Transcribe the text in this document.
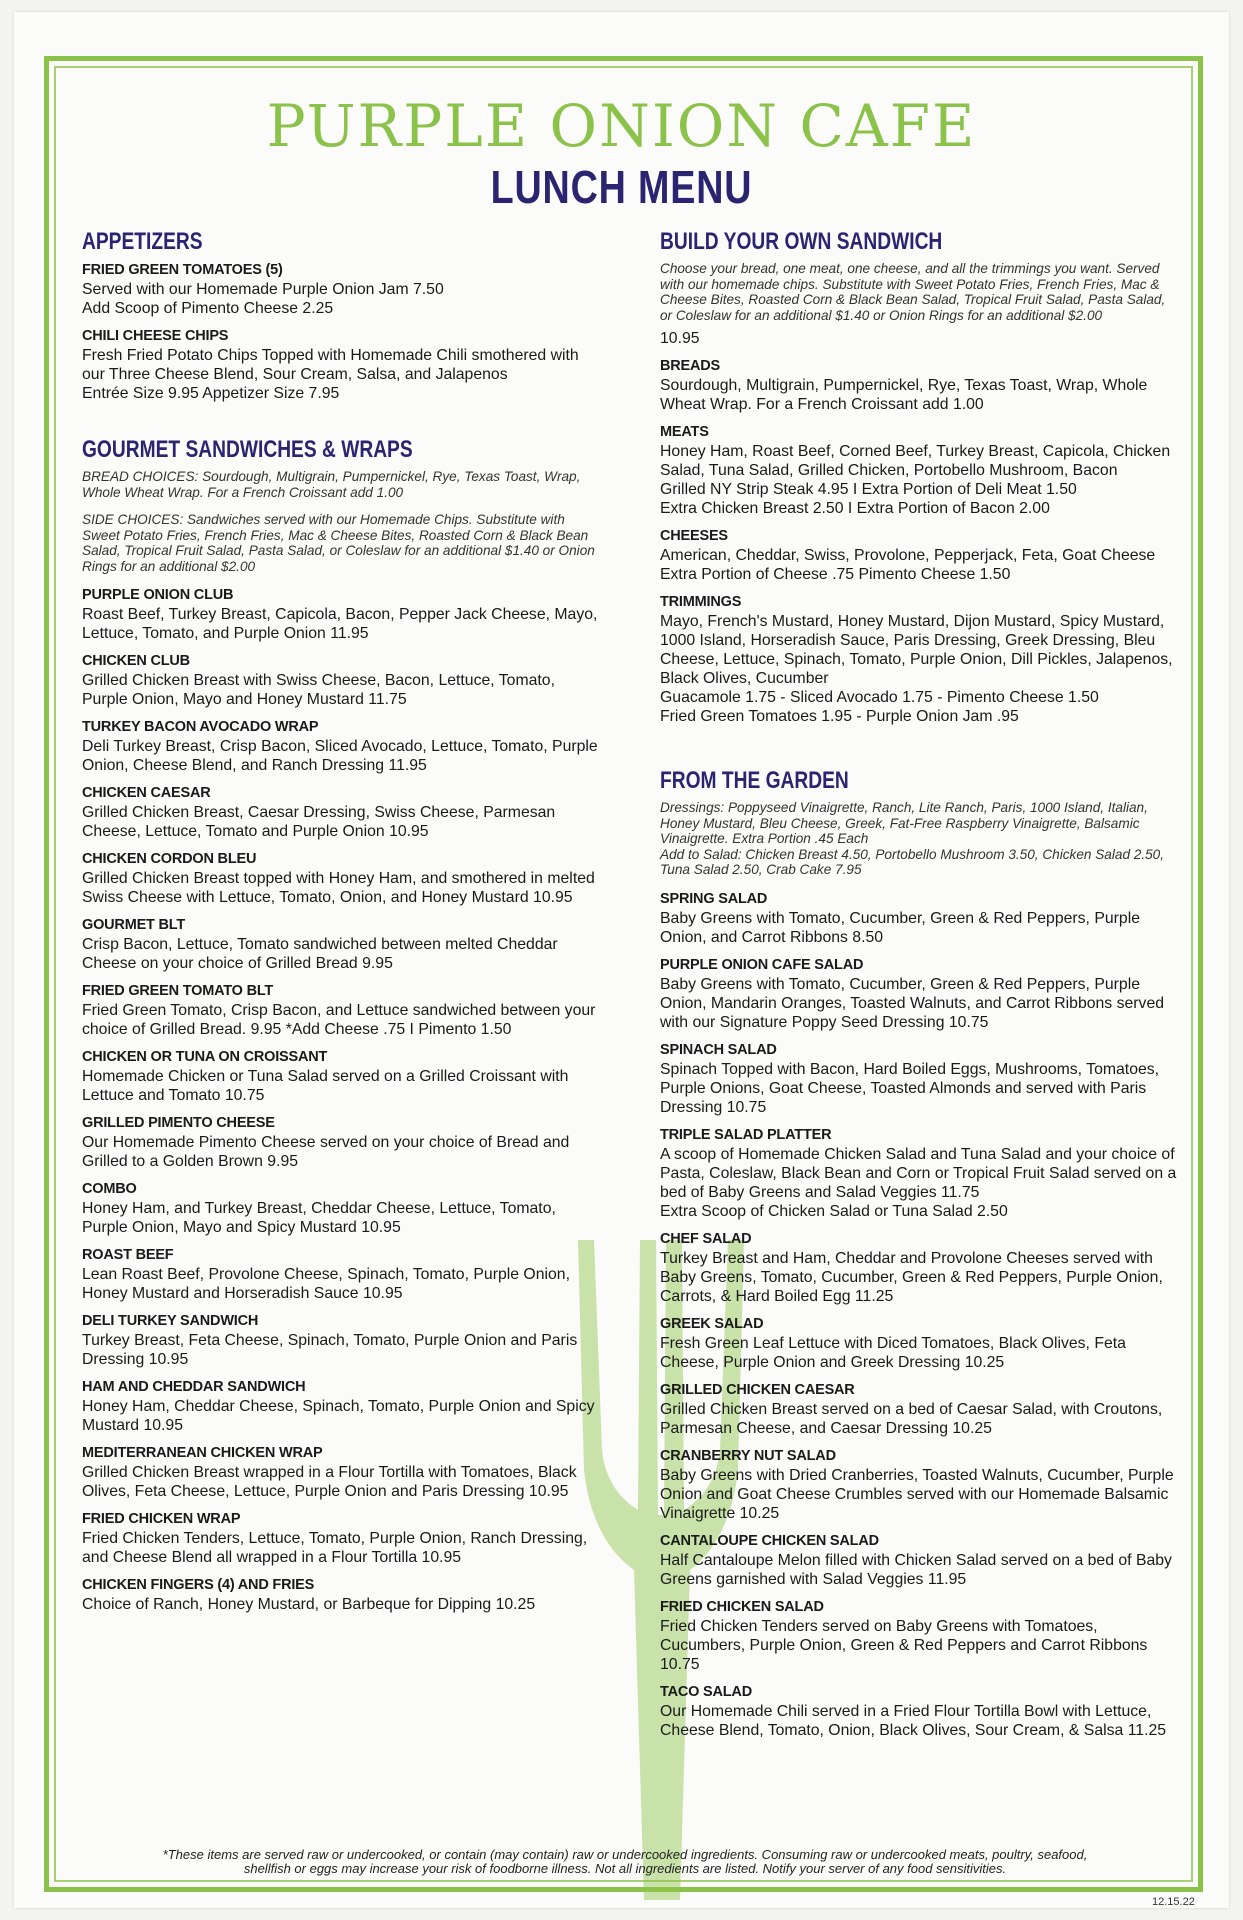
PURPLE ONION CAFE
LUNCH MENU
APPETIZERS
FRIED GREEN TOMATOES (5)
Served with our Homemade Purple Onion Jam 7.50
Add Scoop of Pimento Cheese 2.25
CHILI CHEESE CHIPS
Fresh Fried Potato Chips Topped with Homemade Chili smothered with our Three Cheese Blend, Sour Cream, Salsa, and Jalapenos
Entrée Size 9.95 Appetizer Size 7.95
GOURMET SANDWICHES & WRAPS
BREAD CHOICES: Sourdough, Multigrain, Pumpernickel, Rye, Texas Toast, Wrap, Whole Wheat Wrap. For a French Croissant add 1.00
SIDE CHOICES: Sandwiches served with our Homemade Chips. Substitute with Sweet Potato Fries, French Fries, Mac & Cheese Bites, Roasted Corn & Black Bean Salad, Tropical Fruit Salad, Pasta Salad, or Coleslaw for an additional $1.40 or Onion Rings for an additional $2.00
PURPLE ONION CLUB
Roast Beef, Turkey Breast, Capicola, Bacon, Pepper Jack Cheese, Mayo, Lettuce, Tomato, and Purple Onion 11.95
CHICKEN CLUB
Grilled Chicken Breast with Swiss Cheese, Bacon, Lettuce, Tomato, Purple Onion, Mayo and Honey Mustard 11.75
TURKEY BACON AVOCADO WRAP
Deli Turkey Breast, Crisp Bacon, Sliced Avocado, Lettuce, Tomato, Purple Onion, Cheese Blend, and Ranch Dressing 11.95
CHICKEN CAESAR
Grilled Chicken Breast, Caesar Dressing, Swiss Cheese, Parmesan Cheese, Lettuce, Tomato and Purple Onion 10.95
CHICKEN CORDON BLEU
Grilled Chicken Breast topped with Honey Ham, and smothered in melted Swiss Cheese with Lettuce, Tomato, Onion, and Honey Mustard 10.95
GOURMET BLT
Crisp Bacon, Lettuce, Tomato sandwiched between melted Cheddar Cheese on your choice of Grilled Bread 9.95
FRIED GREEN TOMATO BLT
Fried Green Tomato, Crisp Bacon, and Lettuce sandwiched between your choice of Grilled Bread. 9.95 *Add Cheese .75 I Pimento 1.50
CHICKEN OR TUNA ON CROISSANT
Homemade Chicken or Tuna Salad served on a Grilled Croissant with Lettuce and Tomato 10.75
GRILLED PIMENTO CHEESE
Our Homemade Pimento Cheese served on your choice of Bread and Grilled to a Golden Brown 9.95
COMBO
Honey Ham, and Turkey Breast, Cheddar Cheese, Lettuce, Tomato, Purple Onion, Mayo and Spicy Mustard 10.95
ROAST BEEF
Lean Roast Beef, Provolone Cheese, Spinach, Tomato, Purple Onion, Honey Mustard and Horseradish Sauce 10.95
DELI TURKEY SANDWICH
Turkey Breast, Feta Cheese, Spinach, Tomato, Purple Onion and Paris Dressing 10.95
HAM AND CHEDDAR SANDWICH
Honey Ham, Cheddar Cheese, Spinach, Tomato, Purple Onion and Spicy Mustard 10.95
MEDITERRANEAN CHICKEN WRAP
Grilled Chicken Breast wrapped in a Flour Tortilla with Tomatoes, Black Olives, Feta Cheese, Lettuce, Purple Onion and Paris Dressing 10.95
FRIED CHICKEN WRAP
Fried Chicken Tenders, Lettuce, Tomato, Purple Onion, Ranch Dressing, and Cheese Blend all wrapped in a Flour Tortilla 10.95
CHICKEN FINGERS (4) AND FRIES
Choice of Ranch, Honey Mustard, or Barbeque for Dipping 10.25
BUILD YOUR OWN SANDWICH
Choose your bread, one meat, one cheese, and all the trimmings you want. Served with our homemade chips. Substitute with Sweet Potato Fries, French Fries, Mac & Cheese Bites, Roasted Corn & Black Bean Salad, Tropical Fruit Salad, Pasta Salad, or Coleslaw for an additional $1.40 or Onion Rings for an additional $2.00
10.95
BREADS
Sourdough, Multigrain, Pumpernickel, Rye, Texas Toast, Wrap, Whole Wheat Wrap. For a French Croissant add 1.00
MEATS
Honey Ham, Roast Beef, Corned Beef, Turkey Breast, Capicola, Chicken Salad, Tuna Salad, Grilled Chicken, Portobello Mushroom, Bacon
Grilled NY Strip Steak 4.95 I Extra Portion of Deli Meat 1.50
Extra Chicken Breast 2.50 I Extra Portion of Bacon 2.00
CHEESES
American, Cheddar, Swiss, Provolone, Pepperjack, Feta, Goat Cheese
Extra Portion of Cheese .75 Pimento Cheese 1.50
TRIMMINGS
Mayo, French's Mustard, Honey Mustard, Dijon Mustard, Spicy Mustard, 1000 Island, Horseradish Sauce, Paris Dressing, Greek Dressing, Bleu Cheese, Lettuce, Spinach, Tomato, Purple Onion, Dill Pickles, Jalapenos, Black Olives, Cucumber
Guacamole 1.75 - Sliced Avocado 1.75 - Pimento Cheese 1.50
Fried Green Tomatoes 1.95 - Purple Onion Jam .95
FROM THE GARDEN
Dressings: Poppyseed Vinaigrette, Ranch, Lite Ranch, Paris, 1000 Island, Italian, Honey Mustard, Bleu Cheese, Greek, Fat-Free Raspberry Vinaigrette, Balsamic Vinaigrette. Extra Portion .45 Each
Add to Salad: Chicken Breast 4.50, Portobello Mushroom 3.50, Chicken Salad 2.50, Tuna Salad 2.50, Crab Cake 7.95
SPRING SALAD
Baby Greens with Tomato, Cucumber, Green & Red Peppers, Purple Onion, and Carrot Ribbons 8.50
PURPLE ONION CAFE SALAD
Baby Greens with Tomato, Cucumber, Green & Red Peppers, Purple Onion, Mandarin Oranges, Toasted Walnuts, and Carrot Ribbons served with our Signature Poppy Seed Dressing 10.75
SPINACH SALAD
Spinach Topped with Bacon, Hard Boiled Eggs, Mushrooms, Tomatoes, Purple Onions, Goat Cheese, Toasted Almonds and served with Paris Dressing 10.75
TRIPLE SALAD PLATTER
A scoop of Homemade Chicken Salad and Tuna Salad and your choice of Pasta, Coleslaw, Black Bean and Corn or Tropical Fruit Salad served on a bed of Baby Greens and Salad Veggies 11.75
Extra Scoop of Chicken Salad or Tuna Salad 2.50
CHEF SALAD
Turkey Breast and Ham, Cheddar and Provolone Cheeses served with Baby Greens, Tomato, Cucumber, Green & Red Peppers, Purple Onion, Carrots, & Hard Boiled Egg 11.25
GREEK SALAD
Fresh Green Leaf Lettuce with Diced Tomatoes, Black Olives, Feta Cheese, Purple Onion and Greek Dressing 10.25
GRILLED CHICKEN CAESAR
Grilled Chicken Breast served on a bed of Caesar Salad, with Croutons, Parmesan Cheese, and Caesar Dressing 10.25
CRANBERRY NUT SALAD
Baby Greens with Dried Cranberries, Toasted Walnuts, Cucumber, Purple Onion and Goat Cheese Crumbles served with our Homemade Balsamic Vinaigrette 10.25
CANTALOUPE CHICKEN SALAD
Half Cantaloupe Melon filled with Chicken Salad served on a bed of Baby Greens garnished with Salad Veggies 11.95
FRIED CHICKEN SALAD
Fried Chicken Tenders served on Baby Greens with Tomatoes, Cucumbers, Purple Onion, Green & Red Peppers and Carrot Ribbons 10.75
TACO SALAD
Our Homemade Chili served in a Fried Flour Tortilla Bowl with Lettuce, Cheese Blend, Tomato, Onion, Black Olives, Sour Cream, & Salsa 11.25
*These items are served raw or undercooked, or contain (may contain) raw or undercooked ingredients. Consuming raw or undercooked meats, poultry, seafood, shellfish or eggs may increase your risk of foodborne illness. Not all ingredients are listed. Notify your server of any food sensitivities.
12.15.22
